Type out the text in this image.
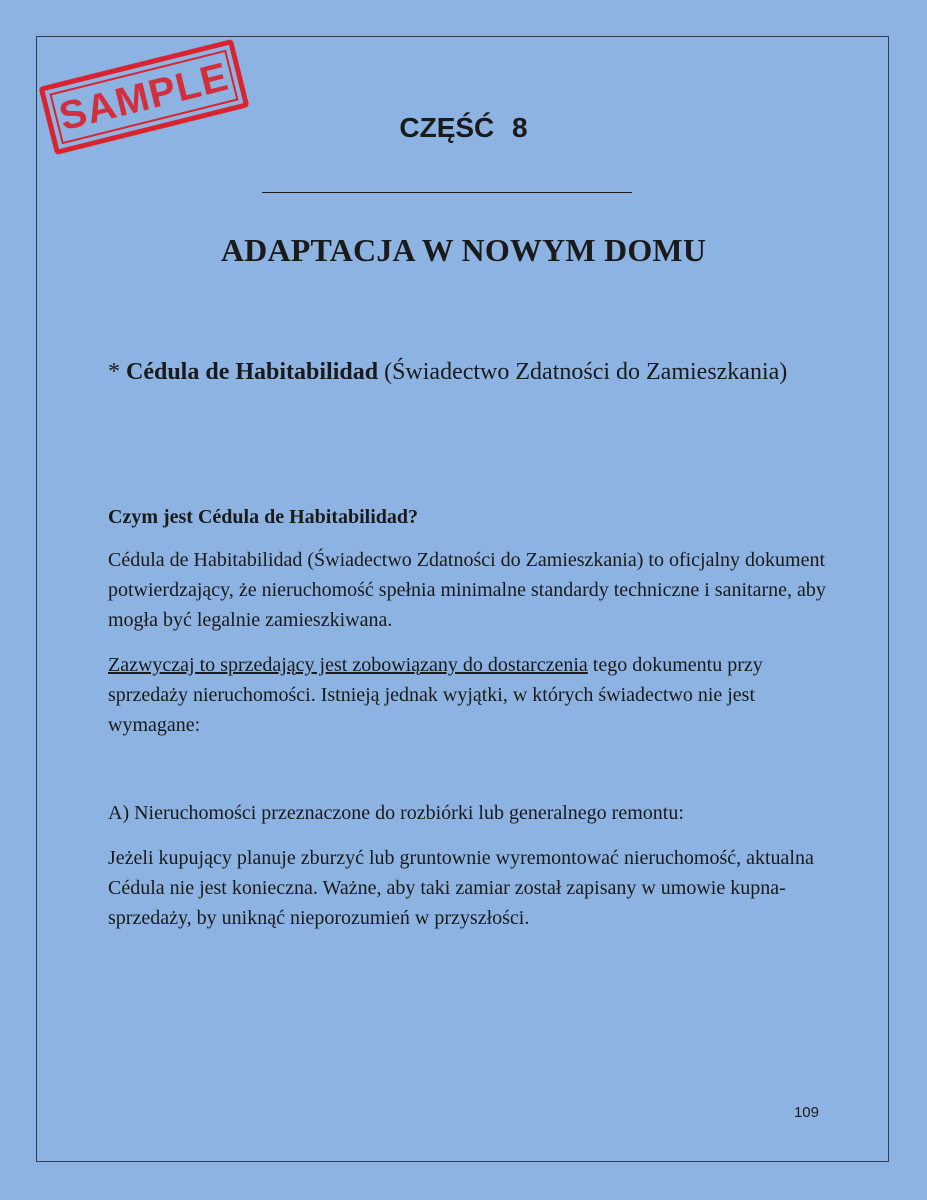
SAMPLE	CZĘŚĆ 8
ADAPTACJA W NOWYM DOMU

* Cédula de Habitabilidad (Świadectwo Zdatności do Zamieszkania)

Czym jest Cédula de Habitabilidad?

Cédula de Habitabilidad (Świadectwo Zdatności do Zamieszkania) to oficjalny dokument potwierdzający, że nieruchomość spełnia minimalne standardy techniczne i sanitarne, aby mogła być legalnie zamieszkiwana.

Zazwyczaj to sprzedający jest zobowiązany do dostarczenia tego dokumentu przy sprzedaży nieruchomości. Istnieją jednak wyjątki, w których świadectwo nie jest wymagane:

A) Nieruchomości przeznaczone do rozbiórki lub generalnego remontu:

Jeżeli kupujący planuje zburzyć lub gruntownie wyremontować nieruchomość, aktualna Cédula nie jest konieczna. Ważne, aby taki zamiar został zapisany w umowie kupna-sprzedaży, by uniknąć nieporozumień w przyszłości.

109
